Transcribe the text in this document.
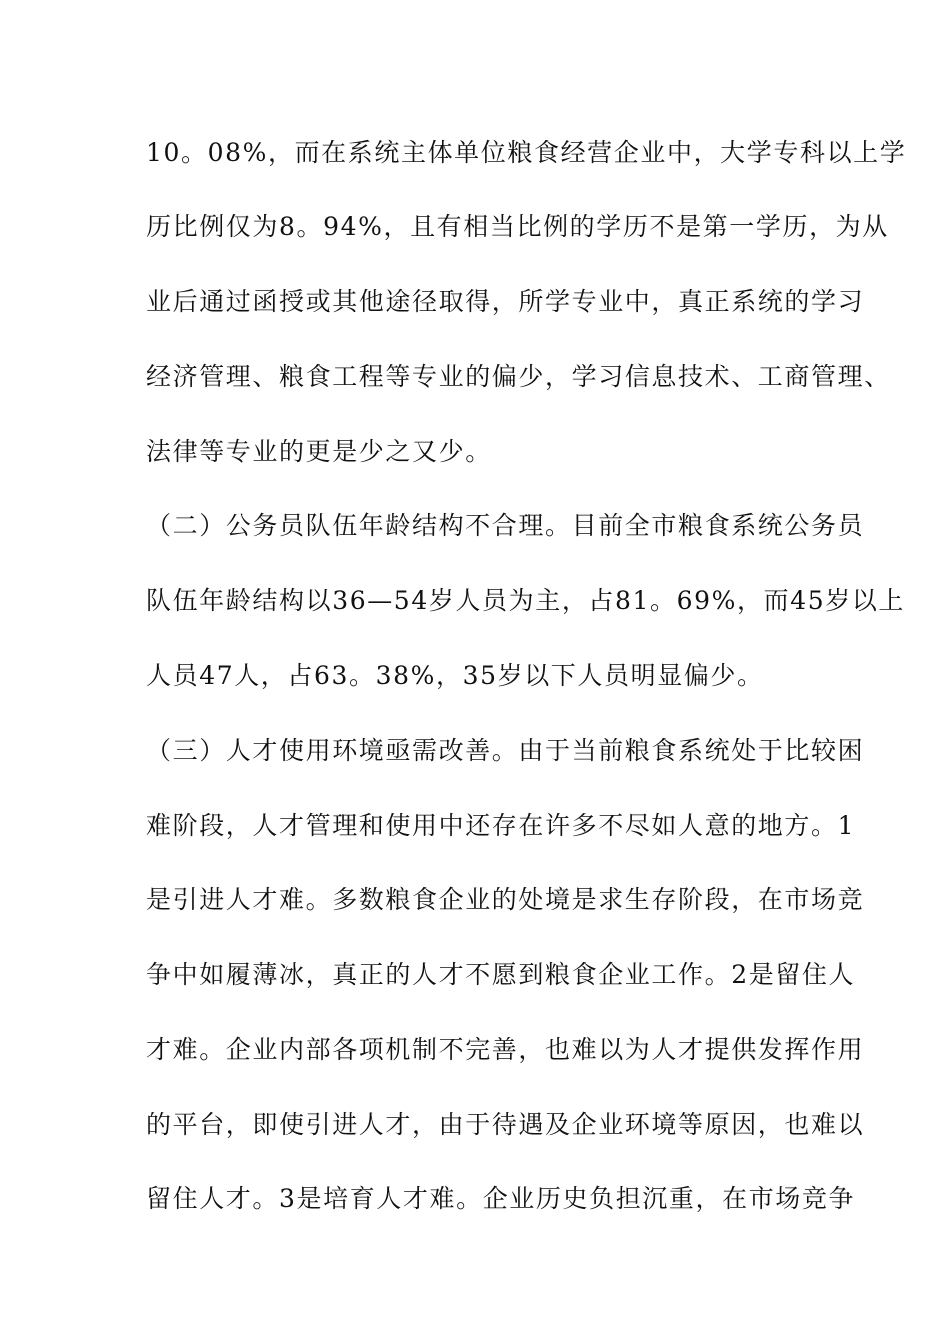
10。08%，而在系统主体单位粮食经营企业中，大学专科以上学
历比例仅为8。94%，且有相当比例的学历不是第一学历，为从
业后通过函授或其他途径取得，所学专业中，真正系统的学习
经济管理、粮食工程等专业的偏少，学习信息技术、工商管理、
法律等专业的更是少之又少。
（二）公务员队伍年龄结构不合理。目前全市粮食系统公务员
队伍年龄结构以36—54岁人员为主，占81。69%，而45岁以上
人员47人，占63。38%，35岁以下人员明显偏少。
（三）人才使用环境亟需改善。由于当前粮食系统处于比较困
难阶段，人才管理和使用中还存在许多不尽如人意的地方。1
是引进人才难。多数粮食企业的处境是求生存阶段，在市场竞
争中如履薄冰，真正的人才不愿到粮食企业工作。2是留住人
才难。企业内部各项机制不完善，也难以为人才提供发挥作用
的平台，即使引进人才，由于待遇及企业环境等原因，也难以
留住人才。3是培育人才难。企业历史负担沉重，在市场竞争
